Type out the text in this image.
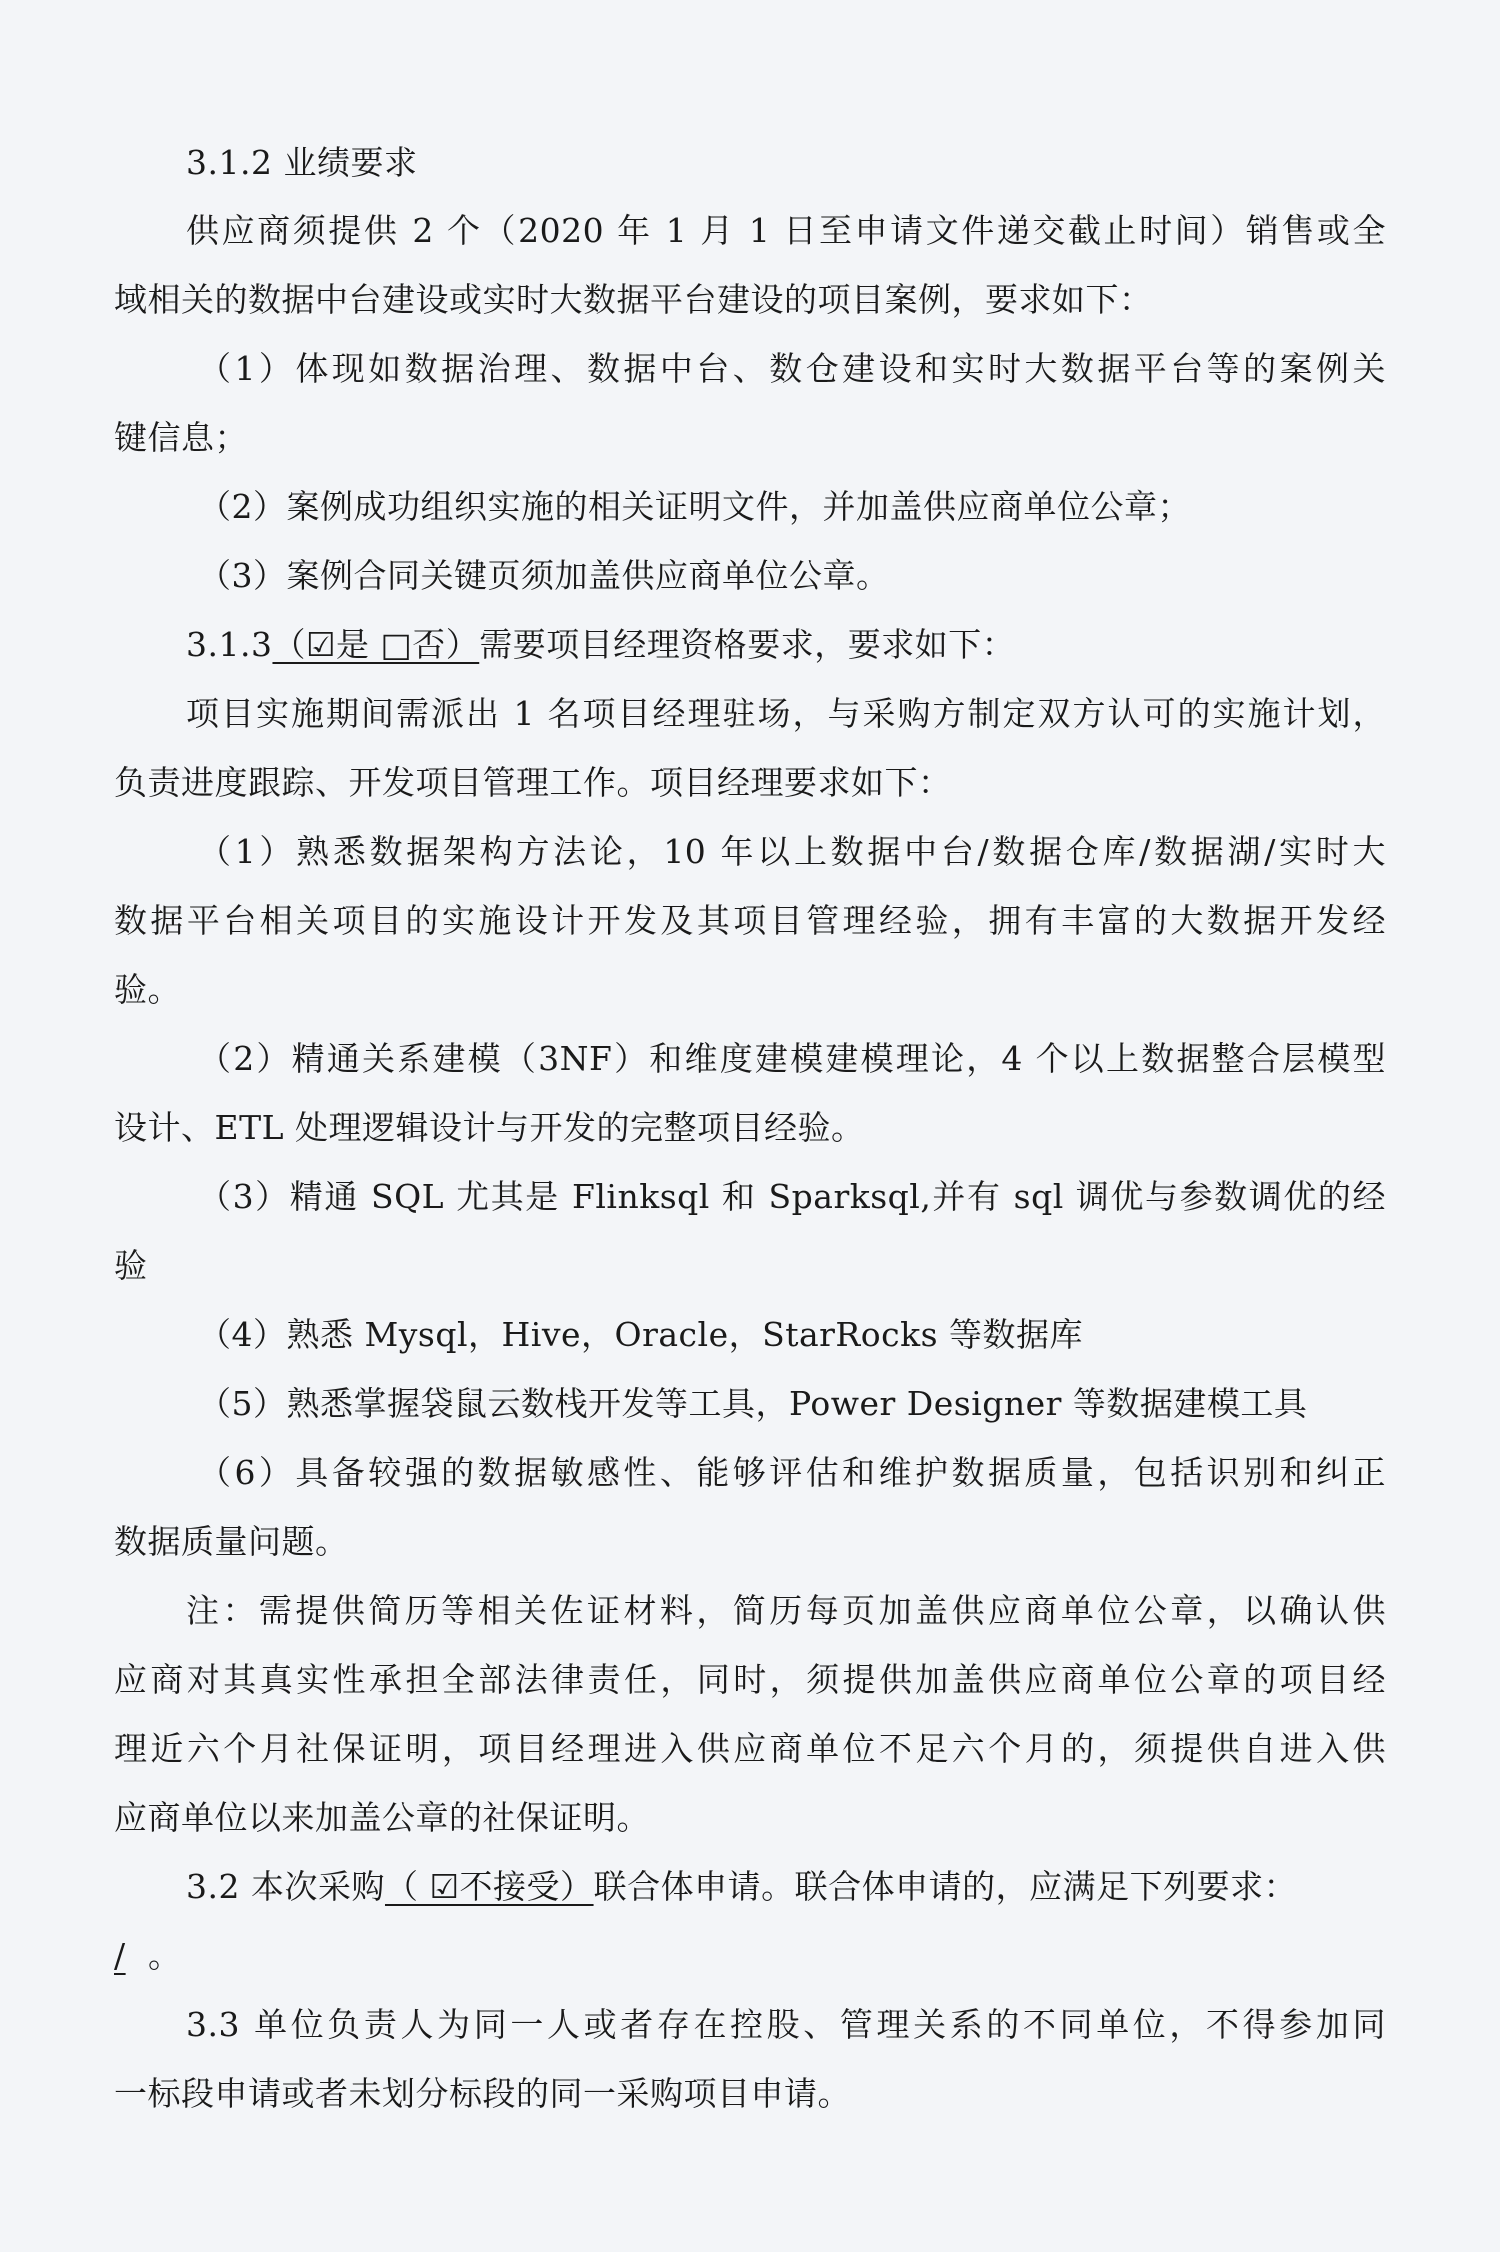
3.1.2 业绩要求
供应商须提供 2 个（2020 年 1 月 1 日至申请文件递交截止时间）销售或全
域相关的数据中台建设或实时大数据平台建设的项目案例，要求如下：
（1）体现如数据治理、数据中台、数仓建设和实时大数据平台等的案例关
键信息；
（2）案例成功组织实施的相关证明文件，并加盖供应商单位公章；
（3）案例合同关键页须加盖供应商单位公章。
3.1.3（☑是 □否）需要项目经理资格要求，要求如下：
项目实施期间需派出 1 名项目经理驻场，与采购方制定双方认可的实施计划，
负责进度跟踪、开发项目管理工作。项目经理要求如下：
（1）熟悉数据架构方法论，10 年以上数据中台/数据仓库/数据湖/实时大
数据平台相关项目的实施设计开发及其项目管理经验，拥有丰富的大数据开发经
验。
（2）精通关系建模（3NF）和维度建模建模理论，4 个以上数据整合层模型
设计、ETL 处理逻辑设计与开发的完整项目经验。
（3）精通 SQL 尤其是 Flinksql 和 Sparksql,并有 sql 调优与参数调优的经
验
（4）熟悉 Mysql，Hive，Oracle，StarRocks 等数据库
（5）熟悉掌握袋鼠云数栈开发等工具，Power Designer 等数据建模工具
（6）具备较强的数据敏感性、能够评估和维护数据质量，包括识别和纠正
数据质量问题。
注：需提供简历等相关佐证材料，简历每页加盖供应商单位公章，以确认供
应商对其真实性承担全部法律责任，同时，须提供加盖供应商单位公章的项目经
理近六个月社保证明，项目经理进入供应商单位不足六个月的，须提供自进入供
应商单位以来加盖公章的社保证明。
3.2 本次采购（ ☑不接受）联合体申请。联合体申请的，应满足下列要求：
/ 。
3.3 单位负责人为同一人或者存在控股、管理关系的不同单位，不得参加同
一标段申请或者未划分标段的同一采购项目申请。
